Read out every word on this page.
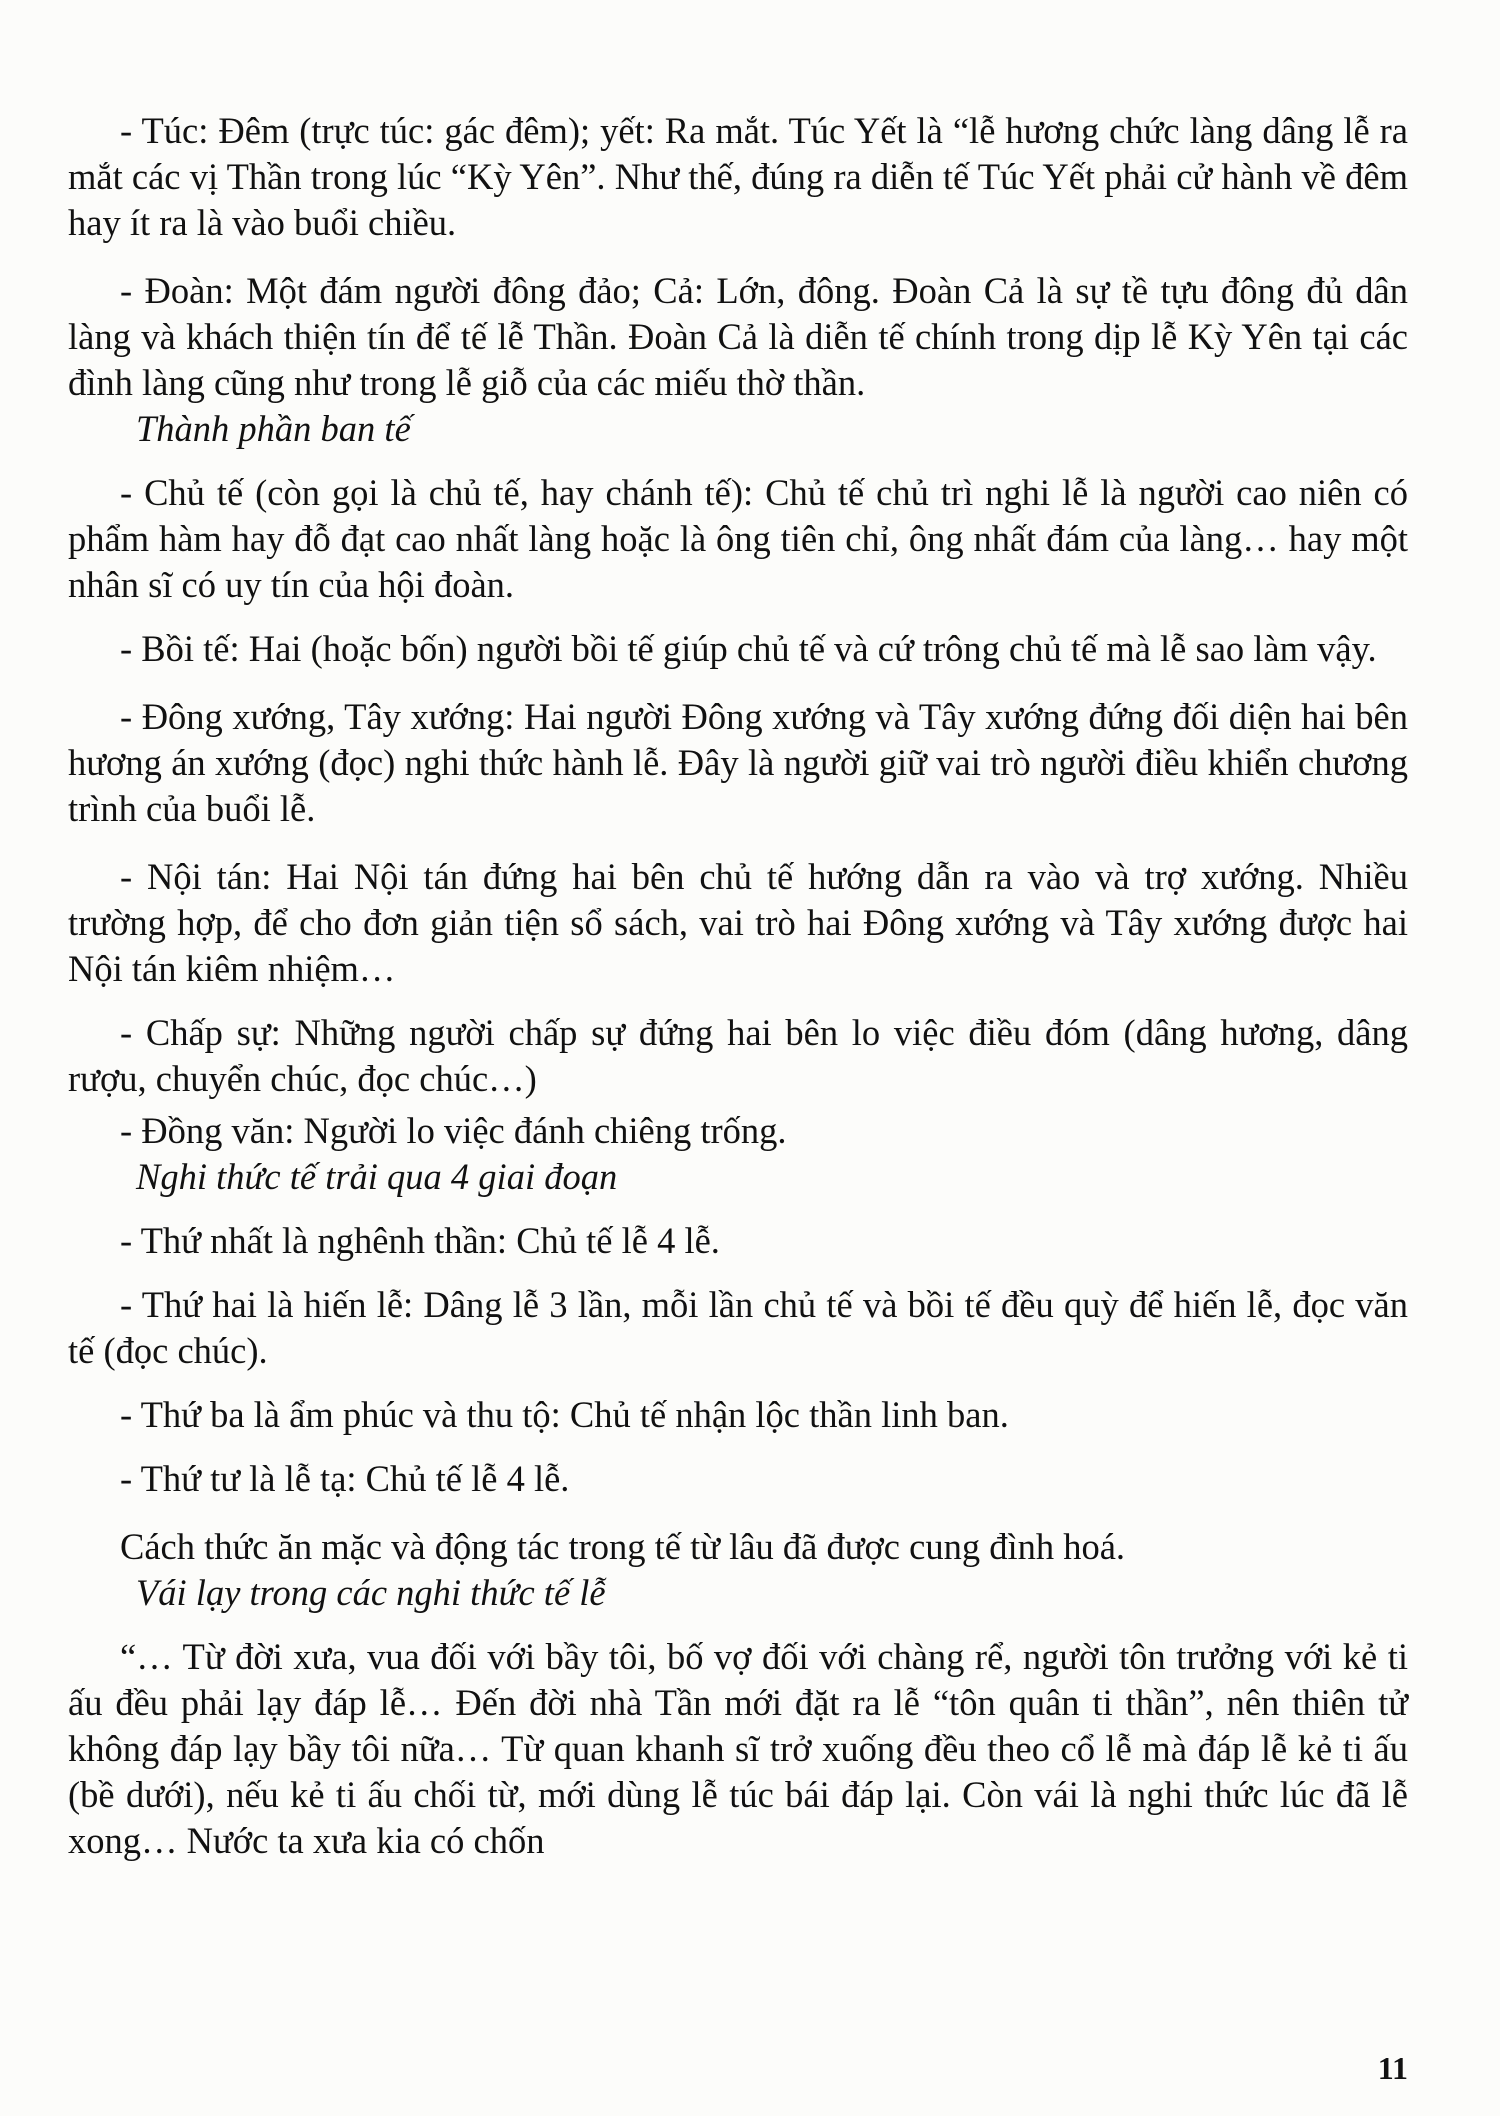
- Túc: Đêm (trực túc: gác đêm); yết: Ra mắt. Túc Yết là “lễ hương chức làng dâng lễ ra mắt các vị Thần trong lúc “Kỳ Yên”. Như thế, đúng ra diễn tế Túc Yết phải cử hành về đêm hay ít ra là vào buổi chiều.

- Đoàn: Một đám người đông đảo; Cả: Lớn, đông. Đoàn Cả là sự tề tựu đông đủ dân làng và khách thiện tín để tế lễ Thần. Đoàn Cả là diễn tế chính trong dịp lễ Kỳ Yên tại các đình làng cũng như trong lễ giỗ của các miếu thờ thần.

Thành phần ban tế

- Chủ tế (còn gọi là chủ tế, hay chánh tế): Chủ tế chủ trì nghi lễ là người cao niên có phẩm hàm hay đỗ đạt cao nhất làng hoặc là ông tiên chỉ, ông nhất đám của làng… hay một nhân sĩ có uy tín của hội đoàn.

- Bồi tế: Hai (hoặc bốn) người bồi tế giúp chủ tế và cứ trông chủ tế mà lễ sao làm vậy.

- Đông xướng, Tây xướng: Hai người Đông xướng và Tây xướng đứng đối diện hai bên hương án xướng (đọc) nghi thức hành lễ. Đây là người giữ vai trò người điều khiển chương trình của buổi lễ.

- Nội tán: Hai Nội tán đứng hai bên chủ tế hướng dẫn ra vào và trợ xướng. Nhiều trường hợp, để cho đơn giản tiện sổ sách, vai trò hai Đông xướng và Tây xướng được hai Nội tán kiêm nhiệm…

- Chấp sự: Những người chấp sự đứng hai bên lo việc điều đóm (dâng hương, dâng rượu, chuyển chúc, đọc chúc…)

- Đồng văn: Người lo việc đánh chiêng trống.

Nghi thức tế trải qua 4 giai đoạn

- Thứ nhất là nghênh thần: Chủ tế lễ 4 lễ.

- Thứ hai là hiến lễ: Dâng lễ 3 lần, mỗi lần chủ tế và bồi tế đều quỳ để hiến lễ, đọc văn tế (đọc chúc).

- Thứ ba là ẩm phúc và thu tộ: Chủ tế nhận lộc thần linh ban.

- Thứ tư là lễ tạ: Chủ tế lễ 4 lễ.

Cách thức ăn mặc và động tác trong tế từ lâu đã được cung đình hoá.

Vái lạy trong các nghi thức tế lễ

“… Từ đời xưa, vua đối với bầy tôi, bố vợ đối với chàng rể, người tôn trưởng với kẻ ti ấu đều phải lạy đáp lễ… Đến đời nhà Tần mới đặt ra lễ “tôn quân ti thần”, nên thiên tử không đáp lạy bầy tôi nữa… Từ quan khanh sĩ trở xuống đều theo cổ lễ mà đáp lễ kẻ ti ấu (bề dưới), nếu kẻ ti ấu chối từ, mới dùng lễ túc bái đáp lại. Còn vái là nghi thức lúc đã lễ xong… Nước ta xưa kia có chốn

11
